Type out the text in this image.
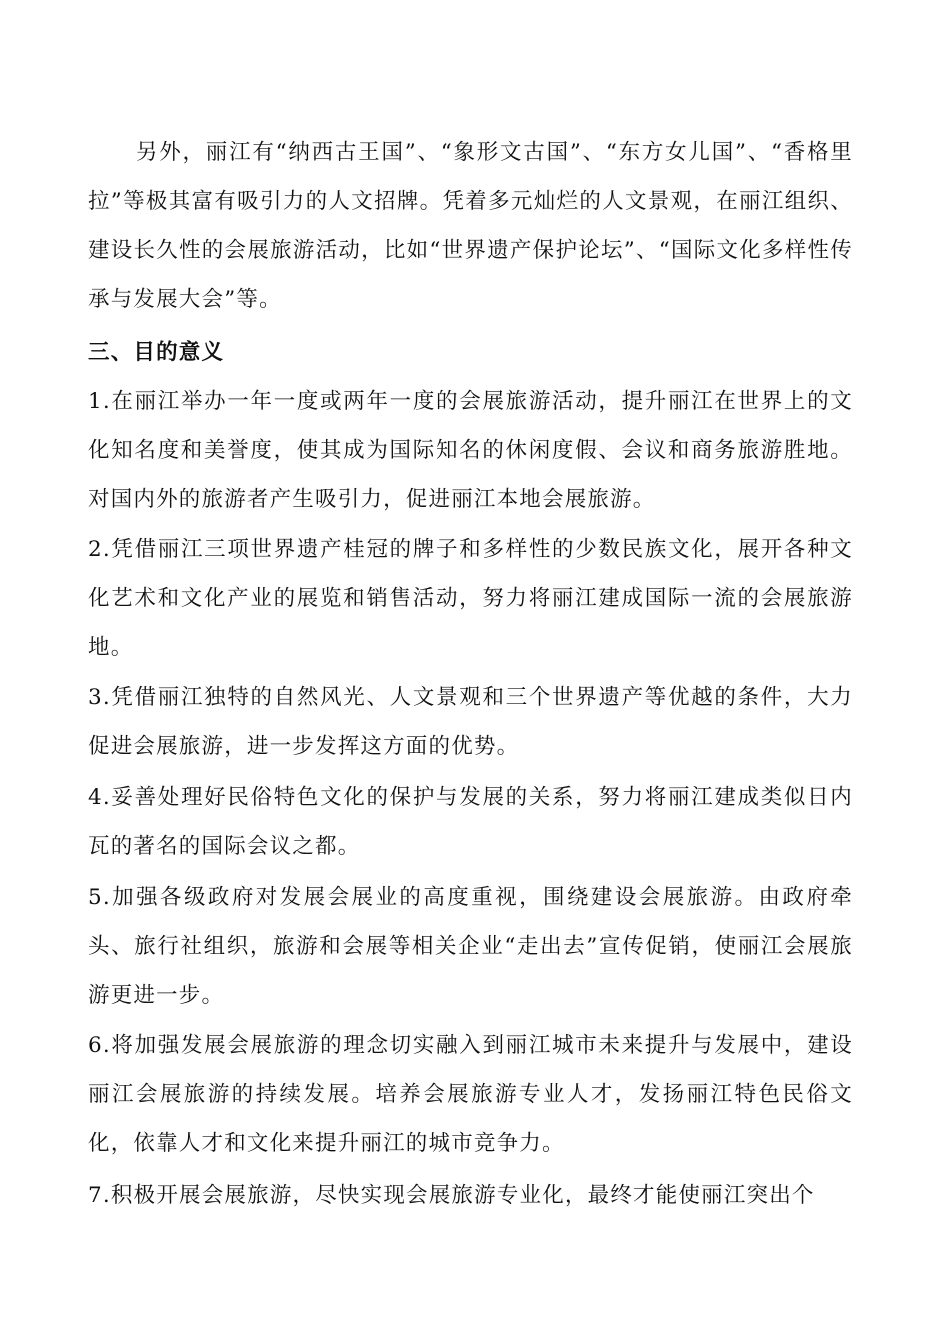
另外，丽江有“纳西古王国”、“象形文古国”、“东方女儿国”、“香格里拉”等极其富有吸引力的人文招牌。凭着多元灿烂的人文景观，在丽江组织、建设长久性的会展旅游活动，比如“世界遗产保护论坛”、“国际文化多样性传承与发展大会”等。

三、目的意义

1.在丽江举办一年一度或两年一度的会展旅游活动，提升丽江在世界上的文化知名度和美誉度，使其成为国际知名的休闲度假、会议和商务旅游胜地。对国内外的旅游者产生吸引力，促进丽江本地会展旅游。

2.凭借丽江三项世界遗产桂冠的牌子和多样性的少数民族文化，展开各种文化艺术和文化产业的展览和销售活动，努力将丽江建成国际一流的会展旅游地。

3.凭借丽江独特的自然风光、人文景观和三个世界遗产等优越的条件，大力促进会展旅游，进一步发挥这方面的优势。

4.妥善处理好民俗特色文化的保护与发展的关系，努力将丽江建成类似日内瓦的著名的国际会议之都。

5.加强各级政府对发展会展业的高度重视，围绕建设会展旅游。由政府牵头、旅行社组织，旅游和会展等相关企业“走出去”宣传促销，使丽江会展旅游更进一步。

6.将加强发展会展旅游的理念切实融入到丽江城市未来提升与发展中，建设丽江会展旅游的持续发展。培养会展旅游专业人才，发扬丽江特色民俗文化，依靠人才和文化来提升丽江的城市竞争力。

7.积极开展会展旅游，尽快实现会展旅游专业化，最终才能使丽江突出个
